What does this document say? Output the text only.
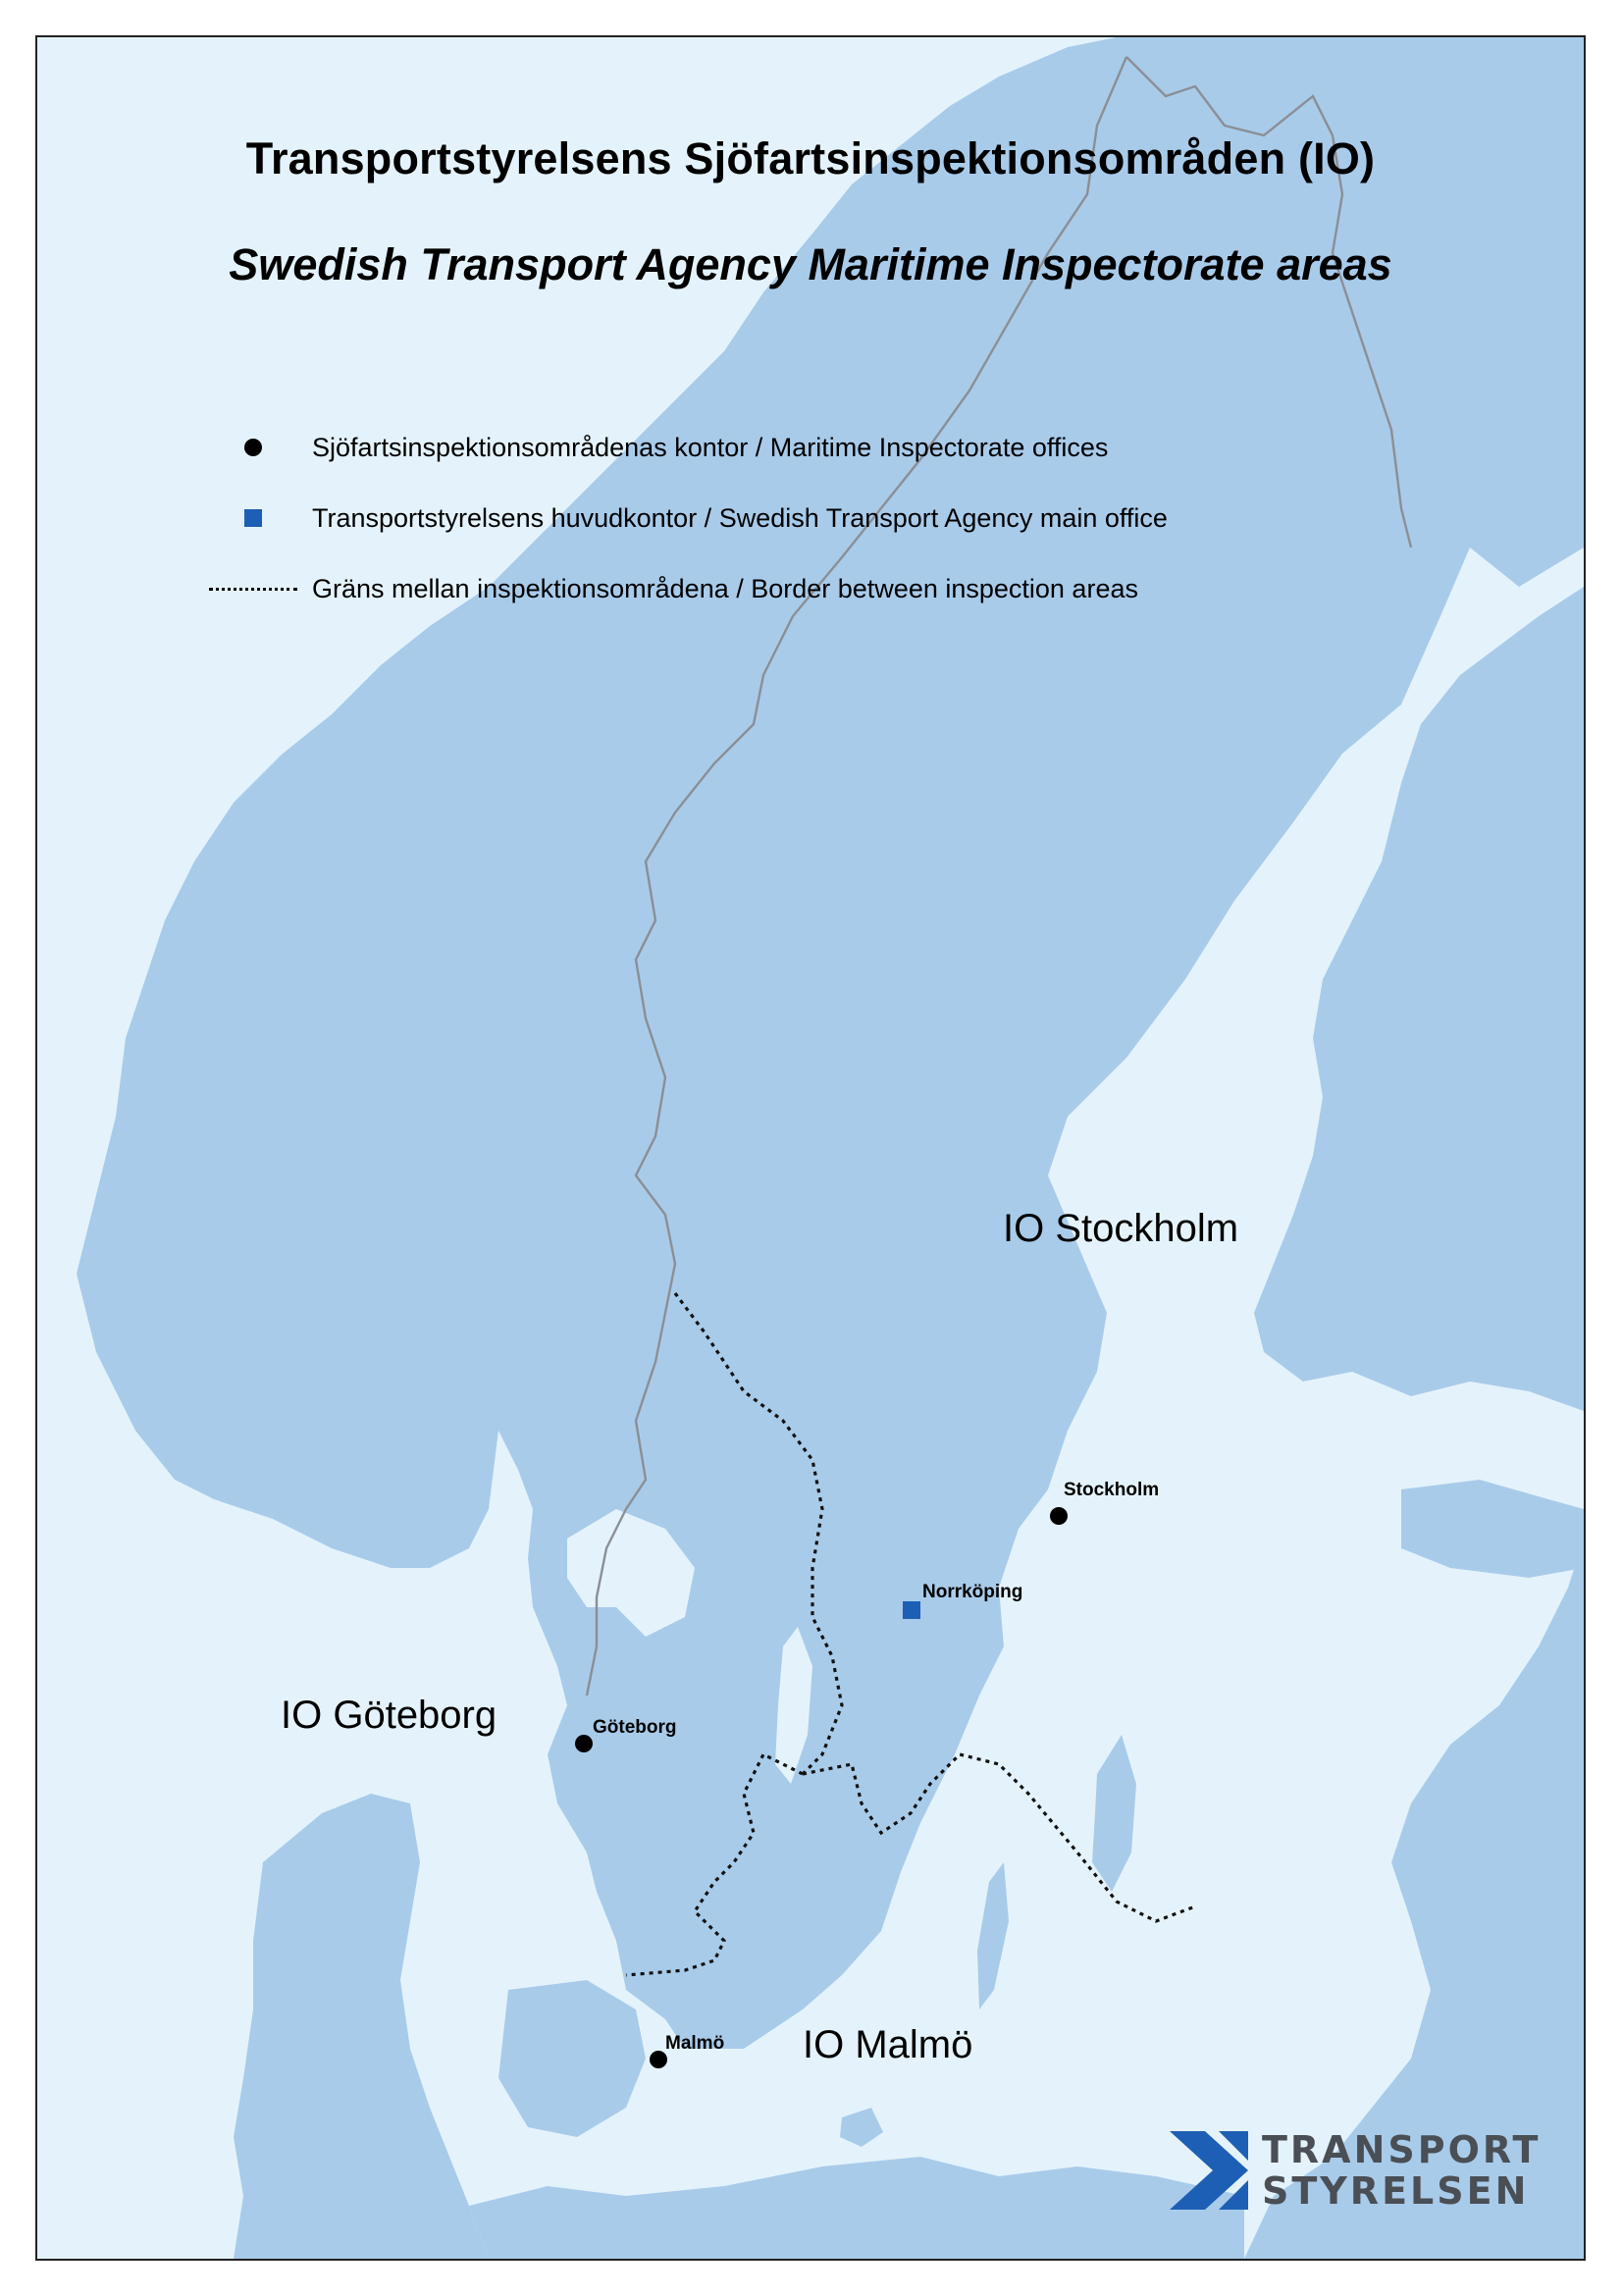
Transportstyrelsens Sjöfartsinspektionsområden (IO)
Swedish Transport Agency Maritime Inspectorate areas
Sjöfartsinspektionsområdenas kontor / Maritime Inspectorate offices
Transportstyrelsens huvudkontor / Swedish Transport Agency main office
Gräns mellan inspektionsområdena / Border between inspection areas
IO Stockholm
IO Göteborg
IO Malmö
Stockholm
Norrköping
Göteborg
Malmö
TRANSPORT
STYRELSEN
